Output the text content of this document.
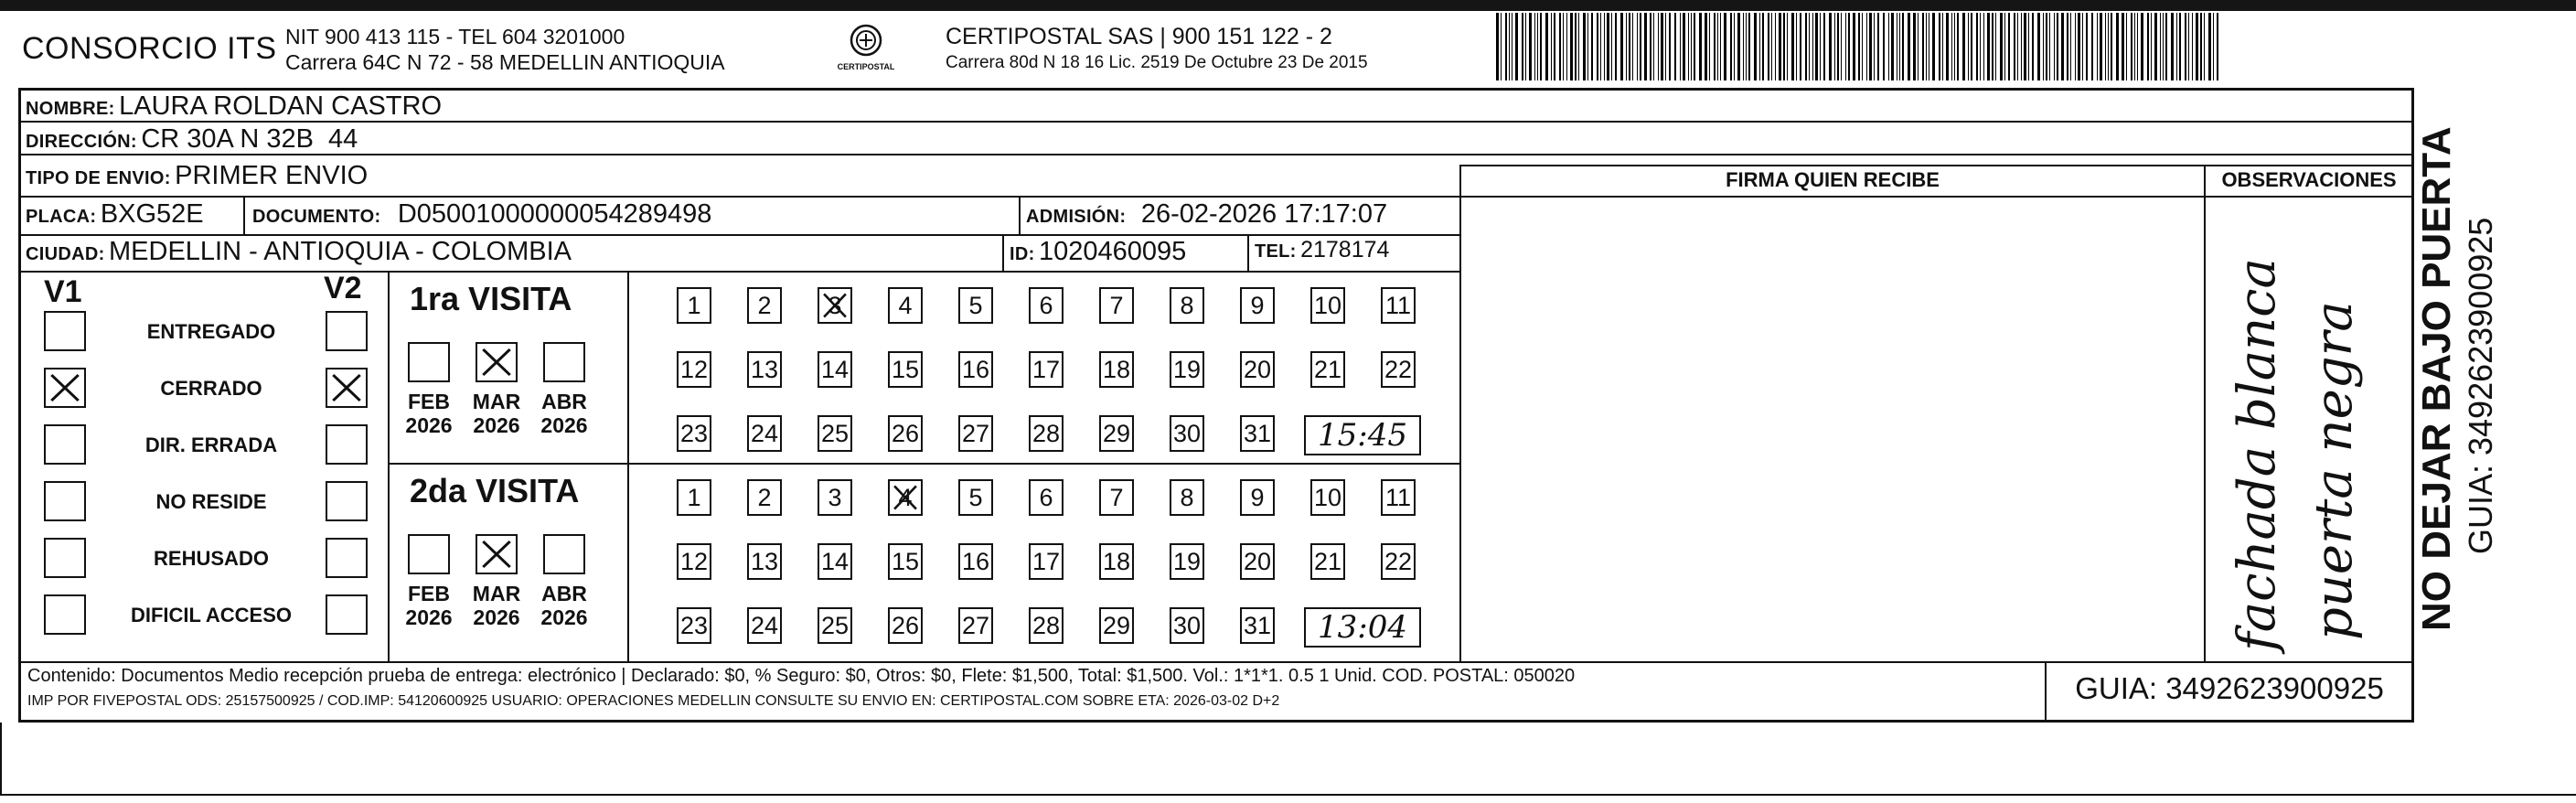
CONSORCIO ITS NIT 900 413 115 - TEL 604 3201000
Carrera 64C N 72 - 58 MEDELLIN ANTIOQUIA	CERTIPOSTAL
CERTIPOSTAL SAS | 900 151 122 - 2
Carrera 80d N 18 16 Lic. 2519 De Octubre 23 De 2015
NOMBRE: LAURA ROLDAN CASTRO
DIRECCIÓN: CR 30A N 32B  44
TIPO DE ENVIO: PRIMER ENVIO
PLACA: BXG52E	DOCUMENTO: D05001000000054289498	ADMISIÓN: 26-02-2026 17:17:07
CIUDAD: MEDELLIN - ANTIOQUIA - COLOMBIA	ID: 1020460095	TEL: 2178174
FIRMA QUIEN RECIBE	OBSERVACIONES
fachada blanca puerta negra
V1	V2
ENTREGADO
CERRADO
DIR. ERRADA
NO RESIDE
REHUSADO
DIFICIL ACCESO
1ra VISITA
FEB
2026
MAR
2026
ABR
2026
1	2	3	4	5	6	7	8	9	10 11
12 13 14 15 16 17 18 19 20 21 22
23 24 25 26 27 28 29 30 31	15:45
2da VISITA
FEB
2026
MAR
2026
ABR
2026
1	2	3	4	5	6	7	8	9	10 11
12 13 14 15 16 17 18 19 20 21 22
23 24 25 26 27 28 29 30 31	13:04
Contenido: Documentos Medio recepción prueba de entrega: electrónico | Declarado: $0, % Seguro: $0, Otros: $0, Flete: $1,500, Total: $1,500. Vol.: 1*1*1. 0.5 1 Unid. COD. POSTAL: 050020
IMP POR FIVEPOSTAL ODS: 25157500925 / COD.IMP: 54120600925 USUARIO: OPERACIONES MEDELLIN CONSULTE SU ENVIO EN: CERTIPOSTAL.COM SOBRE ETA: 2026-03-02 D+2	GUIA: 3492623900925
NO DEJAR BAJO PUERTA GUIA: 3492623900925
